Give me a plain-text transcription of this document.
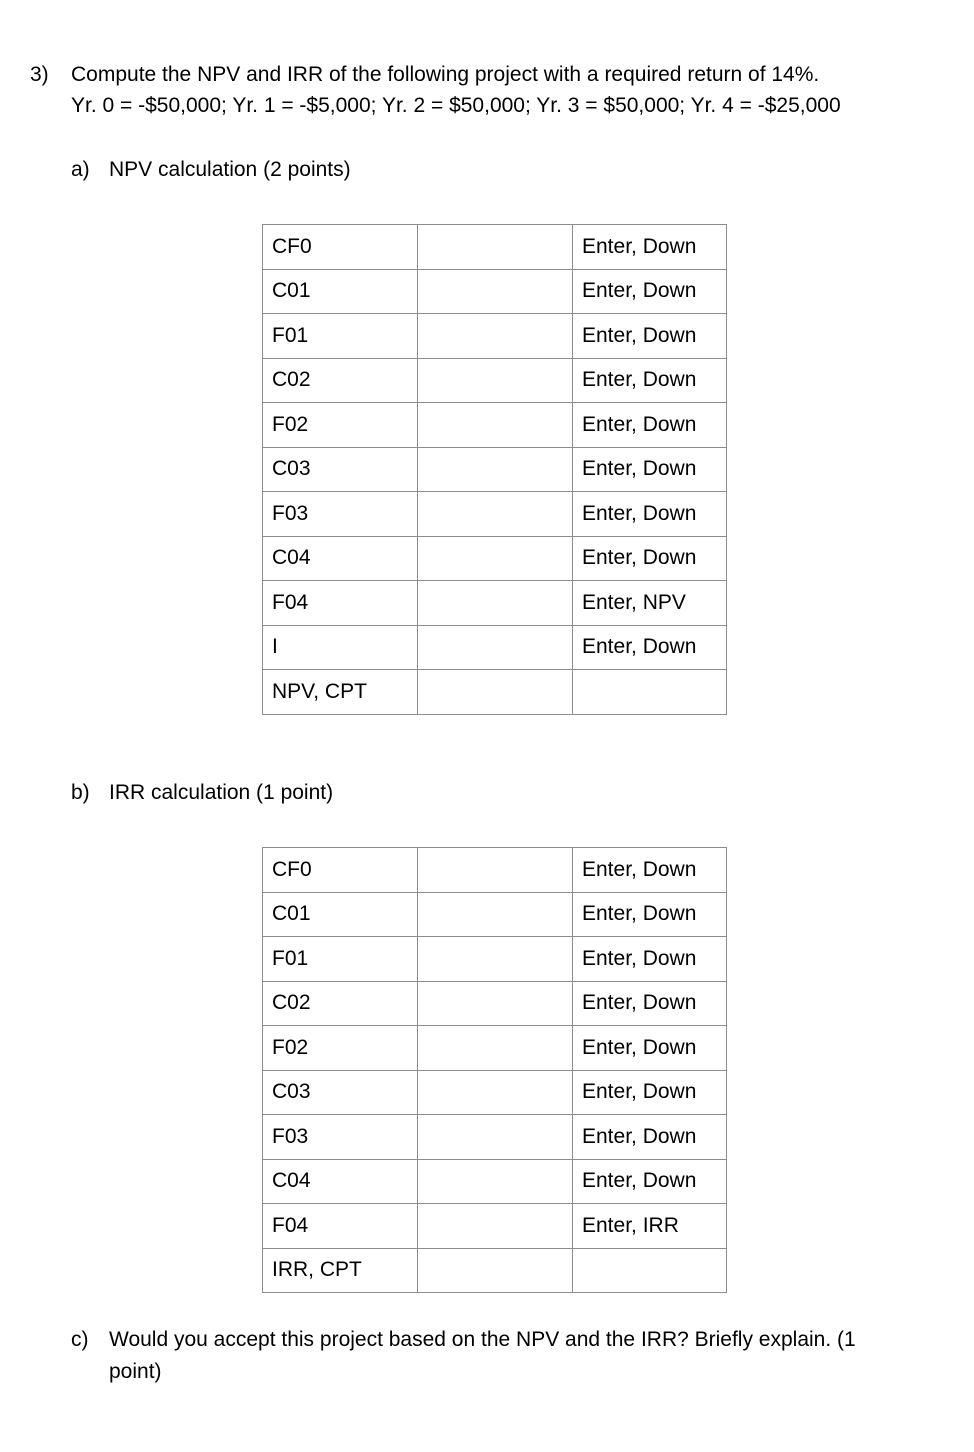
3) Compute the NPV and IRR of the following project with a required return of 14%.
Yr. 0 = -$50,000; Yr. 1 = -$5,000; Yr. 2 = $50,000; Yr. 3 = $50,000; Yr. 4 = -$25,000
a) NPV calculation (2 points)
CF0		Enter, Down
C01		Enter, Down
F01		Enter, Down
C02		Enter, Down
F02		Enter, Down
C03		Enter, Down
F03		Enter, Down
C04		Enter, Down
F04		Enter, NPV
I		Enter, Down
NPV, CPT		
b) IRR calculation (1 point)
CF0		Enter, Down
C01		Enter, Down
F01		Enter, Down
C02		Enter, Down
F02		Enter, Down
C03		Enter, Down
F03		Enter, Down
C04		Enter, Down
F04		Enter, IRR
IRR, CPT		
c) Would you accept this project based on the NPV and the IRR? Briefly explain. (1
point)
